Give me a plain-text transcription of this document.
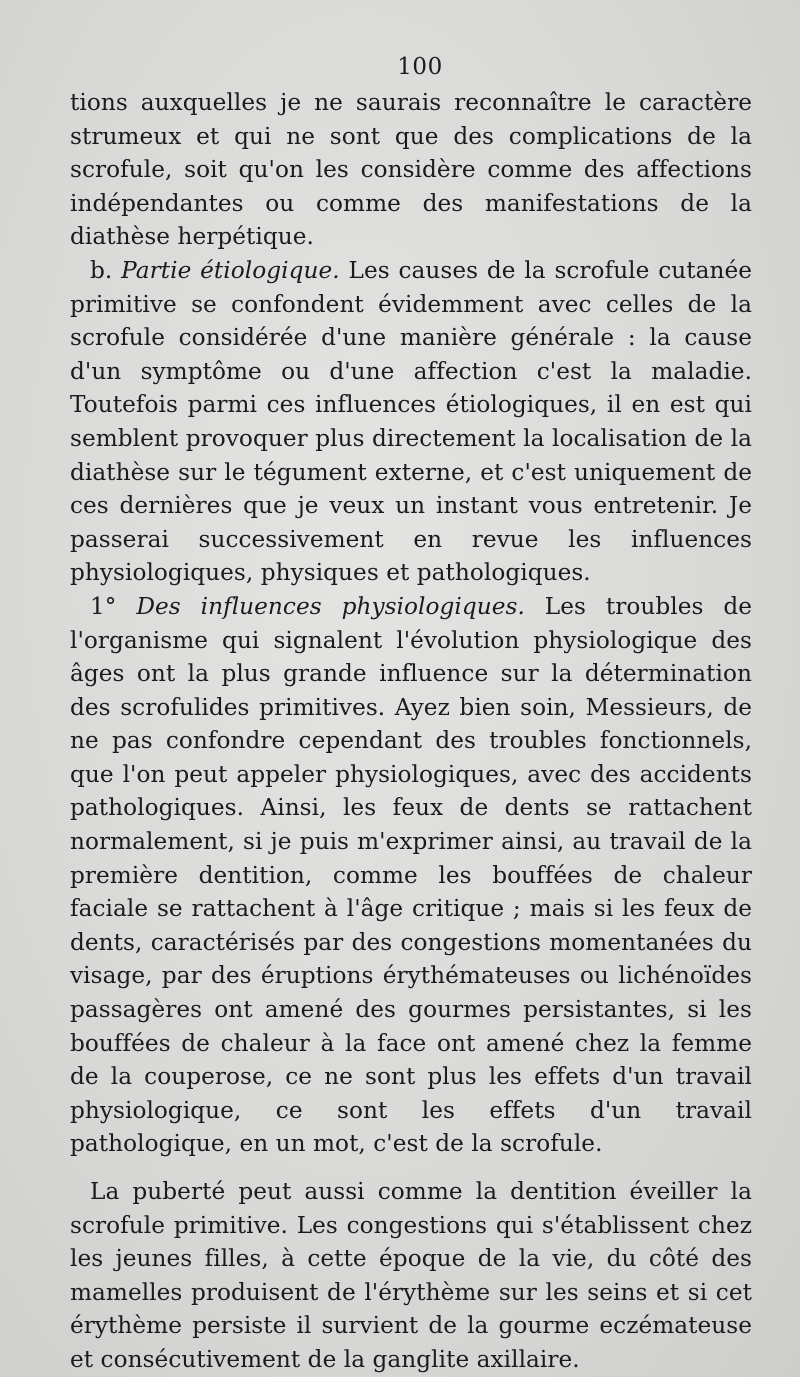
100

tions auxquelles je ne saurais reconnaître le caractère strumeux et qui ne sont que des complications de la scrofule, soit qu'on les considère comme des affections indépendantes ou comme des manifestations de la diathèse herpétique.

b. Partie étiologique. Les causes de la scrofule cutanée primitive se confondent évidemment avec celles de la scrofule considérée d'une manière générale : la cause d'un symptôme ou d'une affection c'est la maladie. Toutefois parmi ces influences étiologiques, il en est qui semblent provoquer plus directement la localisation de la diathèse sur le tégument externe, et c'est uniquement de ces dernières que je veux un instant vous entretenir. Je passerai successivement en revue les influences physiologiques, physiques et pathologiques.

1° Des influences physiologiques. Les troubles de l'organisme qui signalent l'évolution physiologique des âges ont la plus grande influence sur la détermination des scrofulides primitives. Ayez bien soin, Messieurs, de ne pas confondre cependant des troubles fonctionnels, que l'on peut appeler physiologiques, avec des accidents pathologiques. Ainsi, les feux de dents se rattachent normalement, si je puis m'exprimer ainsi, au travail de la première dentition, comme les bouffées de chaleur faciale se rattachent à l'âge critique ; mais si les feux de dents, caractérisés par des congestions momentanées du visage, par des éruptions érythémateuses ou lichénoïdes passagères ont amené des gourmes persistantes, si les bouffées de chaleur à la face ont amené chez la femme de la couperose, ce ne sont plus les effets d'un travail physiologique, ce sont les effets d'un travail pathologique, en un mot, c'est de la scrofule.

La puberté peut aussi comme la dentition éveiller la scrofule primitive. Les congestions qui s'établissent chez les jeunes filles, à cette époque de la vie, du côté des mamelles produisent de l'érythème sur les seins et si cet érythème persiste il survient de la gourme eczémateuse et consécutivement de la ganglite axillaire.
